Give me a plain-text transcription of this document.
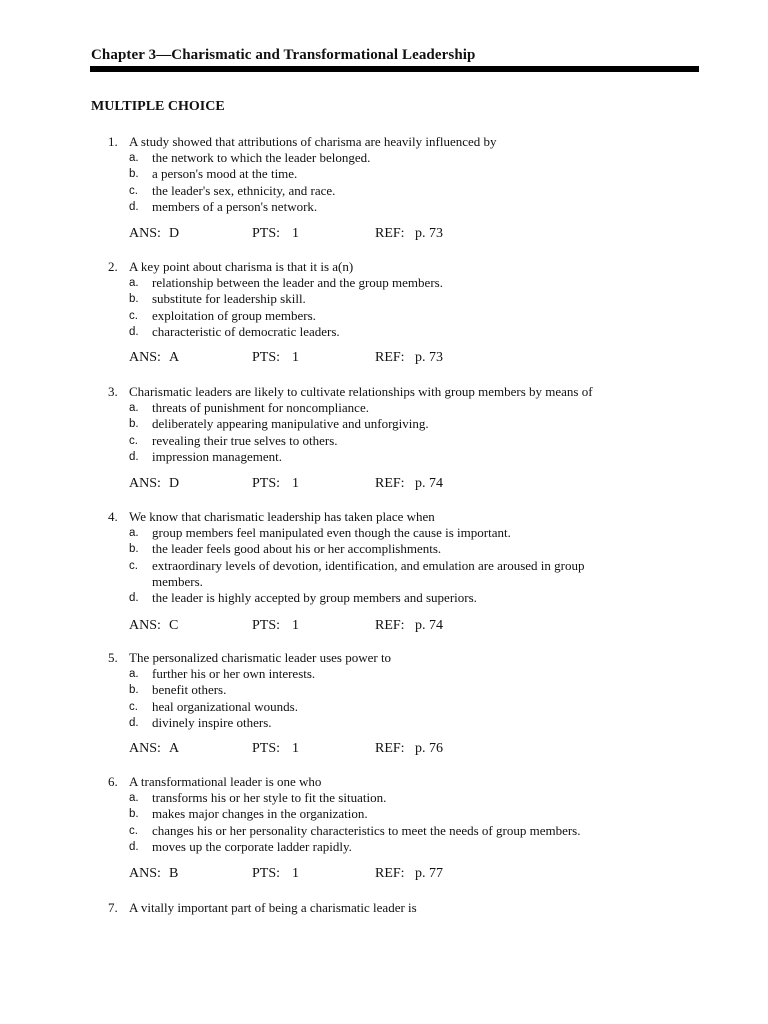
Chapter 3—Charismatic and Transformational Leadership
MULTIPLE CHOICE
1. A study showed that attributions of charisma are heavily influenced by
a. the network to which the leader belonged.
b. a person's mood at the time.
c. the leader's sex, ethnicity, and race.
d. members of a person's network.
ANS: D	PTS: 1	REF: p. 73
2. A key point about charisma is that it is a(n)
a. relationship between the leader and the group members.
b. substitute for leadership skill.
c. exploitation of group members.
d. characteristic of democratic leaders.
ANS: A	PTS: 1	REF: p. 73
3. Charismatic leaders are likely to cultivate relationships with group members by means of
a. threats of punishment for noncompliance.
b. deliberately appearing manipulative and unforgiving.
c. revealing their true selves to others.
d. impression management.
ANS: D	PTS: 1	REF: p. 74
4. We know that charismatic leadership has taken place when
a. group members feel manipulated even though the cause is important.
b. the leader feels good about his or her accomplishments.
c. extraordinary levels of devotion, identification, and emulation are aroused in group members.
d. the leader is highly accepted by group members and superiors.
ANS: C	PTS: 1	REF: p. 74
5. The personalized charismatic leader uses power to
a. further his or her own interests.
b. benefit others.
c. heal organizational wounds.
d. divinely inspire others.
ANS: A	PTS: 1	REF: p. 76
6. A transformational leader is one who
a. transforms his or her style to fit the situation.
b. makes major changes in the organization.
c. changes his or her personality characteristics to meet the needs of group members.
d. moves up the corporate ladder rapidly.
ANS: B	PTS: 1	REF: p. 77
7. A vitally important part of being a charismatic leader is
